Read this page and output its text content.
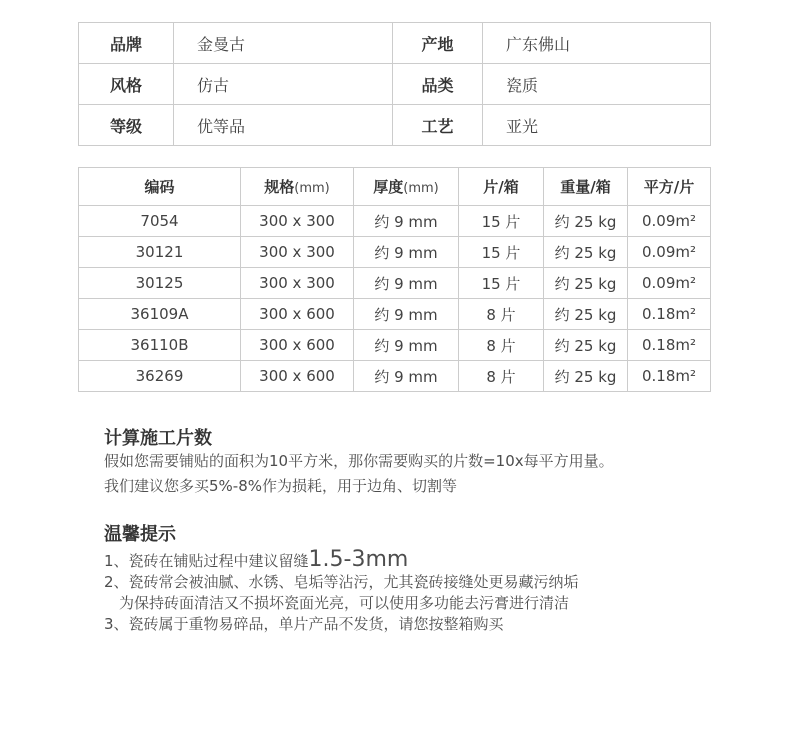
品牌	金曼古	产地	广东佛山
风格	仿古	品类	瓷质
等级	优等品	工艺	亚光
编码	规格(mm)	厚度(mm)	片/箱	重量/箱	平方/片
7054	300 x 300	约 9 mm	15 片	约 25 kg	0.09m²
30121	300 x 300	约 9 mm	15 片	约 25 kg	0.09m²
30125	300 x 300	约 9 mm	15 片	约 25 kg	0.09m²
36109A	300 x 600	约 9 mm	8 片	约 25 kg	0.18m²
36110B	300 x 600	约 9 mm	8 片	约 25 kg	0.18m²
36269	300 x 600	约 9 mm	8 片	约 25 kg	0.18m²
计算施工片数
假如您需要铺贴的面积为10平方米，那你需要购买的片数=10x每平方用量。
我们建议您多买5%-8%作为损耗，用于边角、切割等
温馨提示
1、瓷砖在铺贴过程中建议留缝1.5-3mm
2、瓷砖常会被油腻、水锈、皂垢等沾污，尤其瓷砖接缝处更易藏污纳垢
为保持砖面清洁又不损坏瓷面光亮，可以使用多功能去污膏进行清洁
3、瓷砖属于重物易碎品，单片产品不发货，请您按整箱购买
